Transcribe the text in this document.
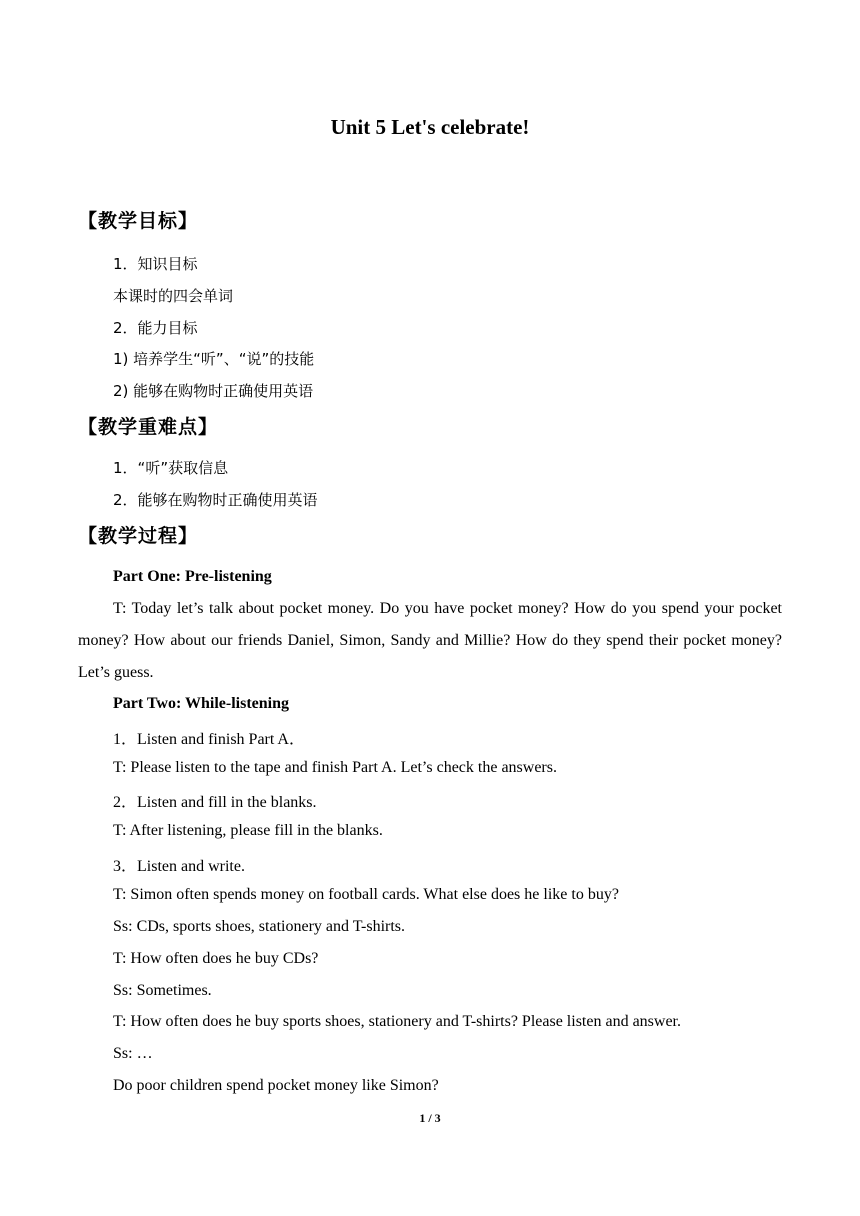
Unit 5 Let's celebrate!
【教学目标】
1．知识目标
本课时的四会单词
2．能力目标
1) 培养学生“听”、“说”的技能
2) 能够在购物时正确使用英语
【教学重难点】
1．“听”获取信息
2．能够在购物时正确使用英语
【教学过程】
Part One: Pre-listening
T: Today let’s talk about pocket money. Do you have pocket money? How do you spend your pocket money? How about our friends Daniel, Simon, Sandy and Millie? How do they spend their pocket money? Let’s guess.
Part Two: While-listening
1．Listen and finish Part A．
T: Please listen to the tape and finish Part A. Let’s check the answers.
2．Listen and fill in the blanks.
T: After listening, please fill in the blanks.
3．Listen and write.
T: Simon often spends money on football cards. What else does he like to buy?
Ss: CDs, sports shoes, stationery and T-shirts.
T: How often does he buy CDs?
Ss: Sometimes.
T: How often does he buy sports shoes, stationery and T-shirts? Please listen and answer.
Ss: …
Do poor children spend pocket money like Simon?
1 / 3
